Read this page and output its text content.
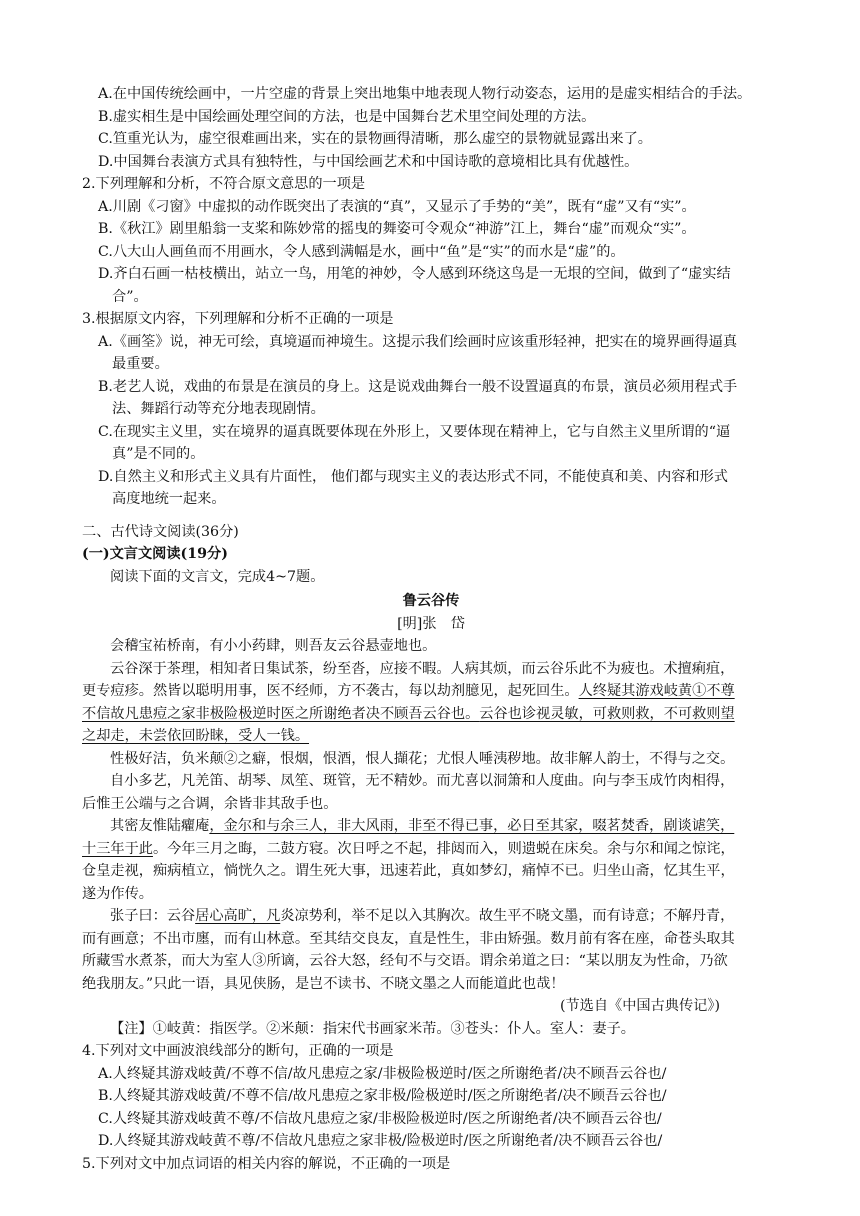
A.在中国传统绘画中，一片空虚的背景上突出地集中地表现人物行动姿态，运用的是虚实相结合的手法。
B.虚实相生是中国绘画处理空间的方法，也是中国舞台艺术里空间处理的方法。
C.笪重光认为，虚空很难画出来，实在的景物画得清晰，那么虚空的景物就显露出来了。
D.中国舞台表演方式具有独特性，与中国绘画艺术和中国诗歌的意境相比具有优越性。
2.下列理解和分析，不符合原文意思的一项是
A.川剧《刁窗》中虚拟的动作既突出了表演的“真”，又显示了手势的“美”，既有“虚”又有“实”。
B.《秋江》剧里船翁一支桨和陈妙常的摇曳的舞姿可令观众“神游”江上，舞台“虚”而观众“实”。
C.八大山人画鱼而不用画水，令人感到满幅是水，画中“鱼”是“实”的而水是“虚”的。
D.齐白石画一枯枝横出，站立一鸟，用笔的神妙，令人感到环绕这鸟是一无垠的空间，做到了“虚实结
合”。
3.根据原文内容，下列理解和分析不正确的一项是
A.《画筌》说，神无可绘，真境逼而神境生。这提示我们绘画时应该重形轻神，把实在的境界画得逼真
最重要。
B.老艺人说，戏曲的布景是在演员的身上。这是说戏曲舞台一般不设置逼真的布景，演员必须用程式手
法、舞蹈行动等充分地表现剧情。
C.在现实主义里，实在境界的逼真既要体现在外形上，又要体现在精神上，它与自然主义里所谓的“逼
真”是不同的。
D.自然主义和形式主义具有片面性， 他们都与现实主义的表达形式不同，不能使真和美、内容和形式
高度地统一起来。
二、古代诗文阅读(36分)
(一)文言文阅读(19分)
阅读下面的文言文，完成4~7题。
鲁云谷传
[明]张　岱
会稽宝祐桥南，有小小药肆，则吾友云谷悬壶地也。
云谷深于茶理，相知者日集试茶，纷至沓，应接不暇。人病其烦，而云谷乐此不为疲也。术擅痢疽，
更专痘疹。然皆以聪明用事，医不经师，方不袭古，每以劫剂臆见，起死回生。人终疑其游戏岐黄①不尊
不信故凡患痘之家非极险极逆时医之所谢绝者决不顾吾云谷也。云谷也诊视灵敏，可救则救，不可救则望
之却走，未尝依回盼睐，受人一钱。
性极好洁，负米颠②之癖，恨烟，恨酒，恨人擷花；尤恨人唾洟秽地。故非解人韵士，不得与之交。
自小多艺，凡羌笛、胡琴、凤笙、斑管，无不精妙。而尤喜以洞箫和人度曲。向与李玉成竹肉相得，
后惟王公端与之合调，余皆非其敌手也。
其密友惟陆癯庵，金尔和与余三人，非大风雨，非至不得已事，必日至其家，啜茗焚香，剧谈谑笑，
十三年于此。今年三月之晦，二鼓方寝。次日呼之不起，排闼而入，则遗蜕在床矣。余与尔和闻之惊诧，
仓皇走视，痴病植立，惝恍久之。谓生死大事，迅速若此，真如梦幻，痛悼不已。归坐山斋，忆其生平，
遂为作传。
张子曰：云谷居心高旷，凡炎凉势利，举不足以入其胸次。故生平不晓文墨，而有诗意；不解丹青，
而有画意；不出市廛，而有山林意。至其结交良友，直是性生，非由矫强。数月前有客在座，命苍头取其
所藏雪水煮茶，而大为室人③所谪，云谷大怒，经旬不与交语。谓余弟道之曰：“某以朋友为性命，乃欲
绝我朋友。”只此一语，具见侠肠，是岂不读书、不晓文墨之人而能道此也哉！
(节选自《中国古典传记》)
【注】①岐黄：指医学。②米颠：指宋代书画家米芾。③苍头：仆人。室人：妻子。
4.下列对文中画波浪线部分的断句，正确的一项是
A.人终疑其游戏岐黄/不尊不信/故凡患痘之家/非极险极逆时/医之所谢绝者/决不顾吾云谷也/
B.人终疑其游戏岐黄/不尊不信/故凡患痘之家非极/险极逆时/医之所谢绝者/决不顾吾云谷也/
C.人终疑其游戏岐黄不尊/不信故凡患痘之家/非极险极逆时/医之所谢绝者/决不顾吾云谷也/
D.人终疑其游戏岐黄不尊/不信故凡患痘之家非极/险极逆时/医之所谢绝者/决不顾吾云谷也/
5.下列对文中加点词语的相关内容的解说，不正确的一项是
